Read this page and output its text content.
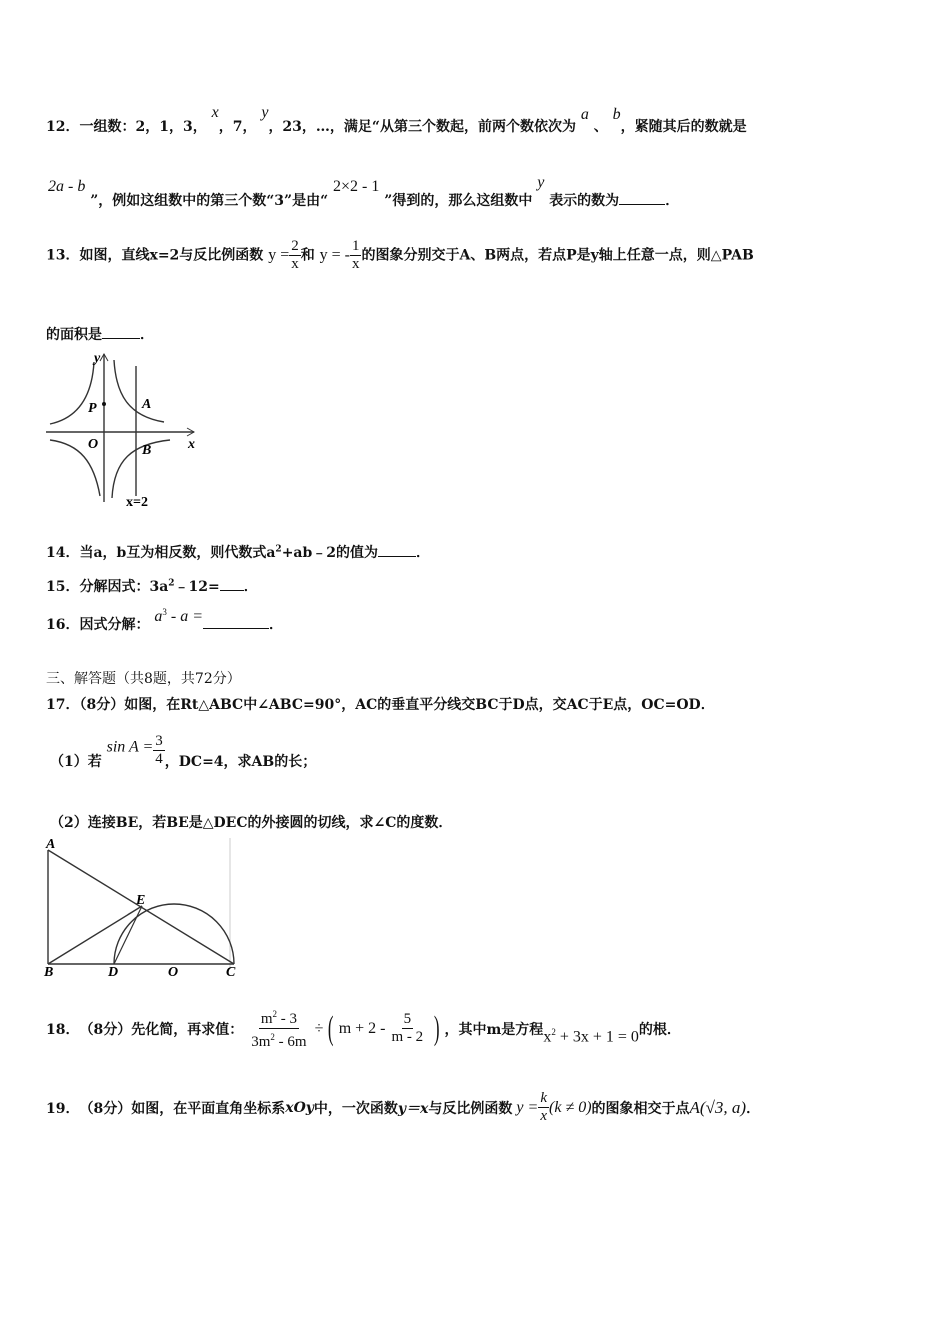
12．一组数：2，1，3， x，7， y，23，…，满足“从第三个数起，前两个数依次为 a 、 b，紧随其后的数就是
2a - b ”，例如这组数中的第三个数“3”是由“ 2×2 - 1 ”得到的，那么这组数中 y 表示的数为	．
13．如图，直线x=2与反比例函数 $y = \frac{2}{x}$ 和 y = - $\frac{1}{x}$ 的图象分别交于A、B两点，若点P是y轴上任意一点，则△PAB
的面积是	．
y
x
P	A
O	B
x=2
14．当a，b互为相反数，则代数式$a^2+ab﹣2$的值为	．
15．分解因式：$3a^2﹣12=$ ．
16．因式分解： $a^3$ - a =	．
三、解答题（共8题，共72分）
17．（8分）如图，在Rt△ABC中∠ABC=90°，AC的垂直平分线交BC于D点，交AC于E点，OC=OD．
（1）若 $\sin A = \frac{3}{4}$ ，DC=4，求AB的长；
（2）连接BE，若BE是△DEC的外接圆的切线，求∠C的度数．
A
E
B	D	O	C
18． （8分）先化简，再求值： $\frac{m^2 - 3}{3m^2 - 6m}$ ÷ ( $m + 2 - \frac{5}{m - 2}$ ) ，其中m是方程 $x^2 + 3x + 1 = 0$ 的根．
19． （8分）如图，在平面直角坐标系 xOy 中，一次函数 y＝x 与反比例函数 $y = \frac{k}{x} (k \ne 0)$ 的图象相交于点 A(√3, a) ．
